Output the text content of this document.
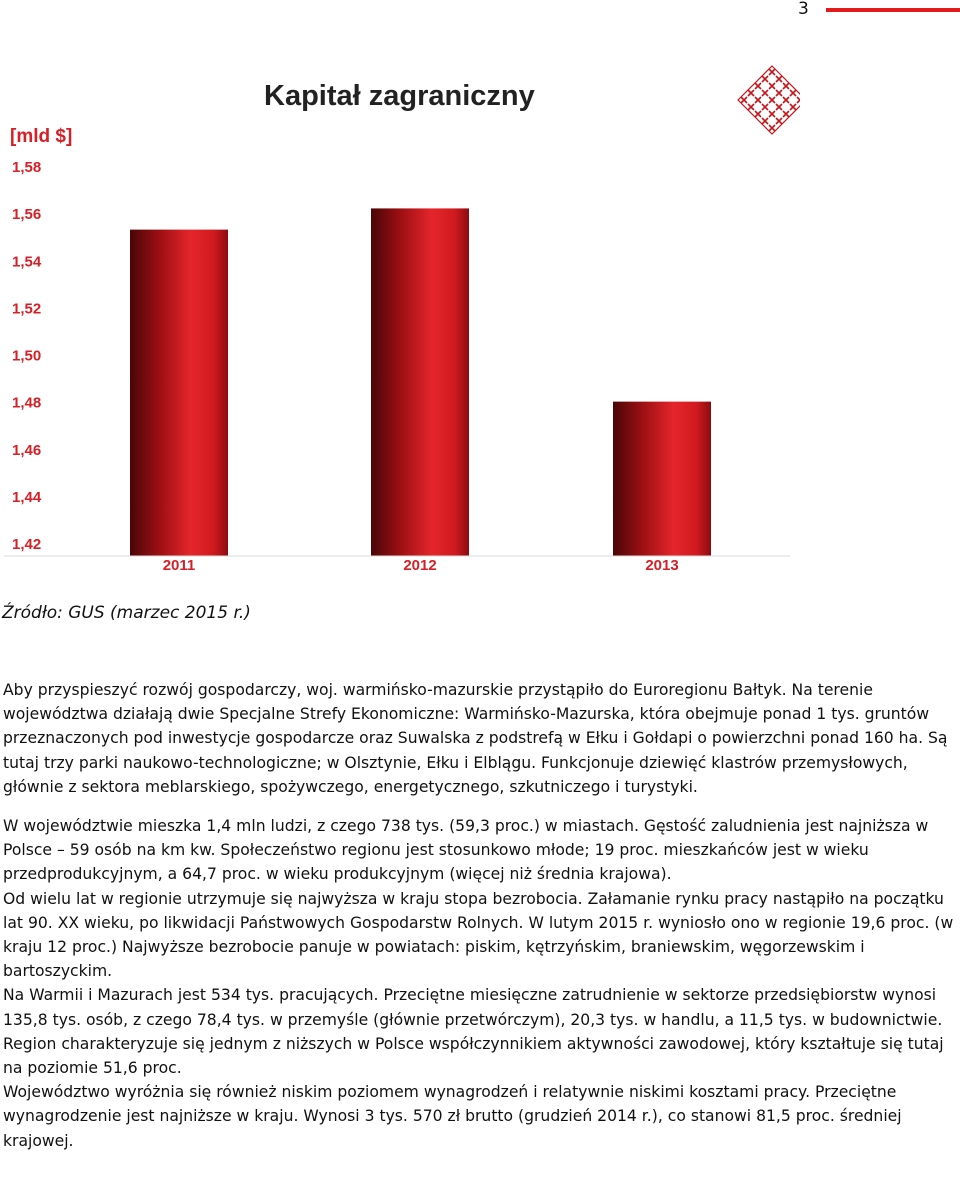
3
Kapitał zagraniczny
[mld $]
1,42
1,44
1,46
1,48
1,50
1,52
1,54
1,56
1,58
2011	2012	2013
Źródło: GUS (marzec 2015 r.)

Aby przyspieszyć rozwój gospodarczy, woj. warmińsko-mazurskie przystąpiło do Euroregionu Bałtyk. Na terenie województwa działają dwie Specjalne Strefy Ekonomiczne: Warmińsko-Mazurska, która obejmuje ponad 1 tys. gruntów przeznaczonych pod inwestycje gospodarcze oraz Suwalska z podstrefą w Ełku i Gołdapi o powierzchni ponad 160 ha. Są tutaj trzy parki naukowo-technologiczne; w Olsztynie, Ełku i Elblągu. Funkcjonuje dziewięć klastrów przemysłowych, głównie z sektora meblarskiego, spożywczego, energetycznego, szkutniczego i turystyki.

W województwie mieszka 1,4 mln ludzi, z czego 738 tys. (59,3 proc.) w miastach. Gęstość zaludnienia jest najniższa w Polsce – 59 osób na km kw. Społeczeństwo regionu jest stosunkowo młode; 19 proc. mieszkańców jest w wieku przedprodukcyjnym, a 64,7 proc. w wieku produkcyjnym (więcej niż średnia krajowa).

Od wielu lat w regionie utrzymuje się najwyższa w kraju stopa bezrobocia. Załamanie rynku pracy nastąpiło na początku lat 90. XX wieku, po likwidacji Państwowych Gospodarstw Rolnych. W lutym 2015 r. wyniosło ono w regionie 19,6 proc. (w kraju 12 proc.) Najwyższe bezrobocie panuje w powiatach: piskim, kętrzyńskim, braniewskim, węgorzewskim i bartoszyckim.

Na Warmii i Mazurach jest 534 tys. pracujących. Przeciętne miesięczne zatrudnienie w sektorze przedsiębiorstw wynosi 135,8 tys. osób, z czego 78,4 tys. w przemyśle (głównie przetwórczym), 20,3 tys. w handlu, a 11,5 tys. w budownictwie. Region charakteryzuje się jednym z niższych w Polsce współczynnikiem aktywności zawodowej, który kształtuje się tutaj na poziomie 51,6 proc.

Województwo wyróżnia się również niskim poziomem wynagrodzeń i relatywnie niskimi kosztami pracy. Przeciętne wynagrodzenie jest najniższe w kraju. Wynosi 3 tys. 570 zł brutto (grudzień 2014 r.), co stanowi 81,5 proc. średniej krajowej.
